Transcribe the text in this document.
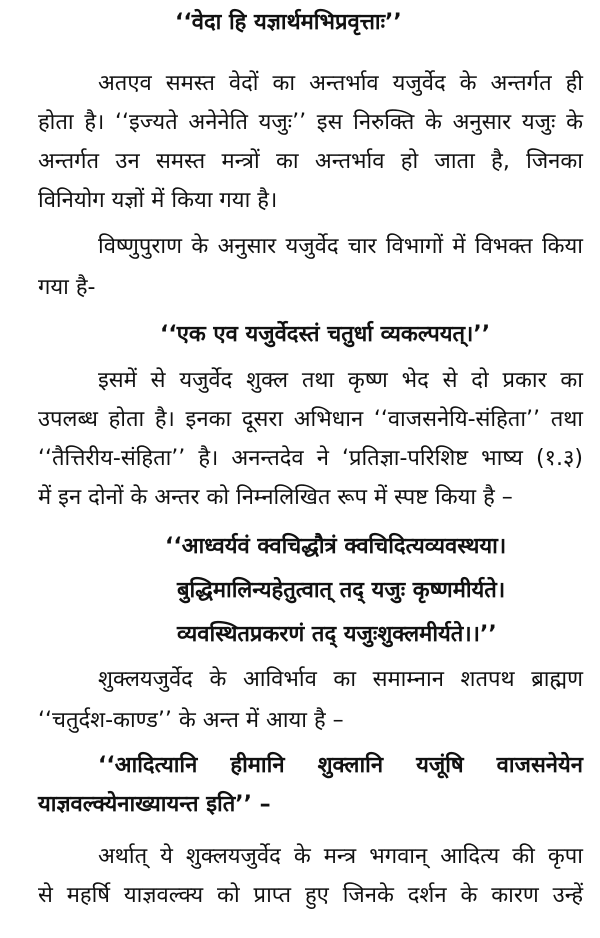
‘‘वेदा हि यज्ञार्थमभिप्रवृत्ताः’’
अतएव समस्त वेदों का अन्तर्भाव यजुर्वेद के अन्तर्गत ही
होता है। ‘‘इज्यते अनेनेति यजुः’’ इस निरुक्ति के अनुसार यजुः के
अन्तर्गत उन समस्त मन्त्रों का अन्तर्भाव हो जाता है, जिनका
विनियोग यज्ञों में किया गया है।
विष्णुपुराण के अनुसार यजुर्वेद चार विभागों में विभक्त किया
गया है-
‘‘एक एव यजुर्वेदस्तं चतुर्धा व्यकल्पयत्।’’
इसमें से यजुर्वेद शुक्ल तथा कृष्ण भेद से दो प्रकार का
उपलब्ध होता है। इनका दूसरा अभिधान ‘‘वाजसनेयि-संहिता’’ तथा
‘‘तैत्तिरीय-संहिता’’ है। अनन्तदेव ने ‘प्रतिज्ञा-परिशिष्ट भाष्य (१.३)
में इन दोनों के अन्तर को निम्नलिखित रूप में स्पष्ट किया है –
‘‘आध्वर्यवं क्वचिद्धौत्रं क्वचिदित्यव्यवस्थया।
बुद्धिमालिन्यहेतुत्वात् तद् यजुः कृष्णमीर्यते।
व्यवस्थितप्रकरणं तद् यजुःशुक्लमीर्यते।।’’
शुक्लयजुर्वेद के आविर्भाव का समाम्नान शतपथ ब्राह्मण
‘‘चतुर्दश-काण्ड’’ के अन्त में आया है –
‘‘आदित्यानि हीमानि शुक्लानि यजूंषि वाजसनेयेन
याज्ञवल्क्येनाख्यायन्त इति’’ –
अर्थात् ये शुक्लयजुर्वेद के मन्त्र भगवान् आदित्य की कृपा
से महर्षि याज्ञवल्क्य को प्राप्त हुए जिनके दर्शन के कारण उन्हें
